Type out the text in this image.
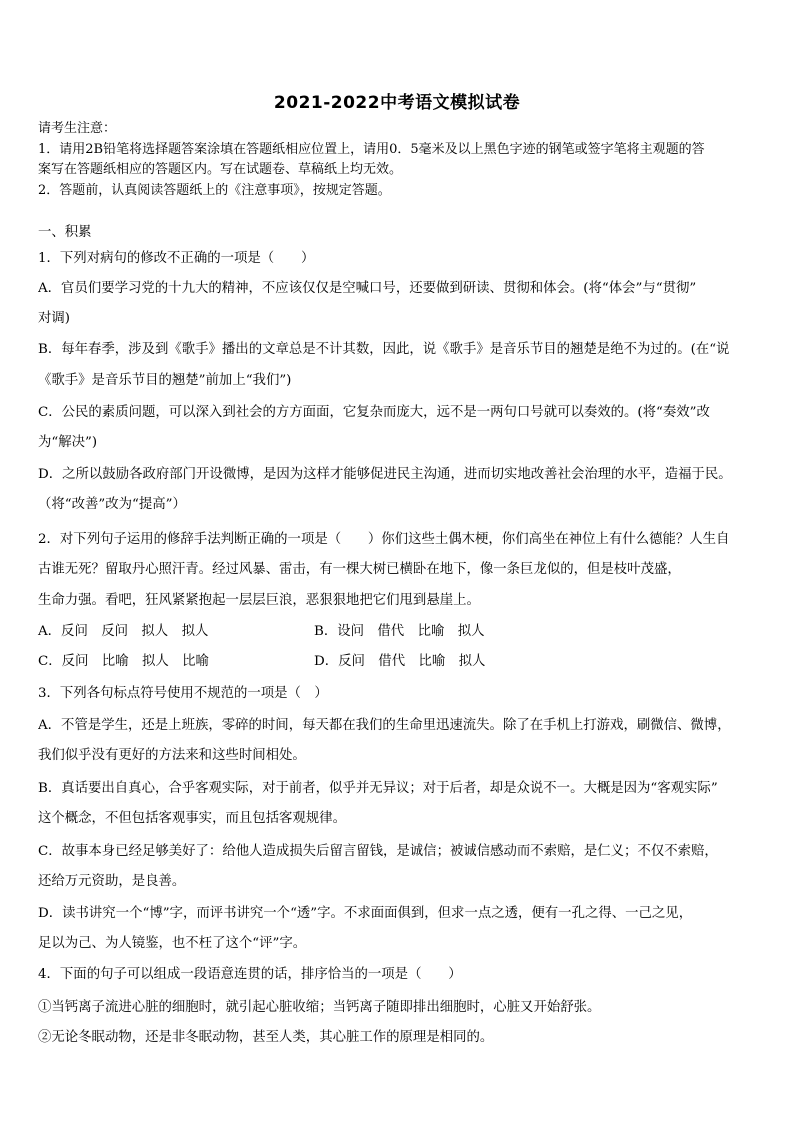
2021-2022中考语文模拟试卷
请考生注意：
1．请用2B铅笔将选择题答案涂填在答题纸相应位置上，请用0．5毫米及以上黑色字迹的钢笔或签字笔将主观题的答
案写在答题纸相应的答题区内。写在试题卷、草稿纸上均无效。
2．答题前，认真阅读答题纸上的《注意事项》，按规定答题。
一、积累
1．下列对病句的修改不正确的一项是（　　）
A．官员们要学习党的十九大的精神，不应该仅仅是空喊口号，还要做到研读、贯彻和体会。(将“体会”与“贯彻”
对调)
B．每年春季，涉及到《歌手》播出的文章总是不计其数，因此，说《歌手》是音乐节目的翘楚是绝不为过的。(在“说
《歌手》是音乐节目的翘楚”前加上“我们”)
C．公民的素质问题，可以深入到社会的方方面面，它复杂而庞大，远不是一两句口号就可以奏效的。(将“奏效”改
为“解决”)
D．之所以鼓励各政府部门开设微博，是因为这样才能够促进民主沟通，进而切实地改善社会治理的水平，造福于民。
（将“改善”改为“提高”）
2．对下列句子运用的修辞手法判断正确的一项是（　　）你们这些土偶木梗，你们高坐在神位上有什么德能？人生自
古谁无死？留取丹心照汗青。经过风暴、雷击，有一棵大树已横卧在地下，像一条巨龙似的，但是枝叶茂盛，
生命力强。看吧，狂风紧紧抱起一层层巨浪，恶狠狠地把它们甩到悬崖上。
A．反问　反问　拟人　拟人	B．设问　借代　比喻　拟人
C．反问　比喻　拟人　比喻	D．反问　借代　比喻　拟人
3．下列各句标点符号使用不规范的一项是（　）
A．不管是学生，还是上班族，零碎的时间，每天都在我们的生命里迅速流失。除了在手机上打游戏，刷微信、微博，
我们似乎没有更好的方法来和这些时间相处。
B．真话要出自真心，合乎客观实际，对于前者，似乎并无异议；对于后者，却是众说不一。大概是因为“客观实际”
这个概念，不但包括客观事实，而且包括客观规律。
C．故事本身已经足够美好了：给他人造成损失后留言留钱，是诚信；被诚信感动而不索赔，是仁义；不仅不索赔，
还给万元资助，是良善。
D．读书讲究一个“博”字，而评书讲究一个“透”字。不求面面俱到，但求一点之透，便有一孔之得、一己之见，
足以为己、为人镜鉴，也不枉了这个“评”字。
4．下面的句子可以组成一段语意连贯的话，排序恰当的一项是（　　）
①当钙离子流进心脏的细胞时，就引起心脏收缩；当钙离子随即排出细胞时，心脏又开始舒张。
②无论冬眠动物，还是非冬眠动物，甚至人类，其心脏工作的原理是相同的。
